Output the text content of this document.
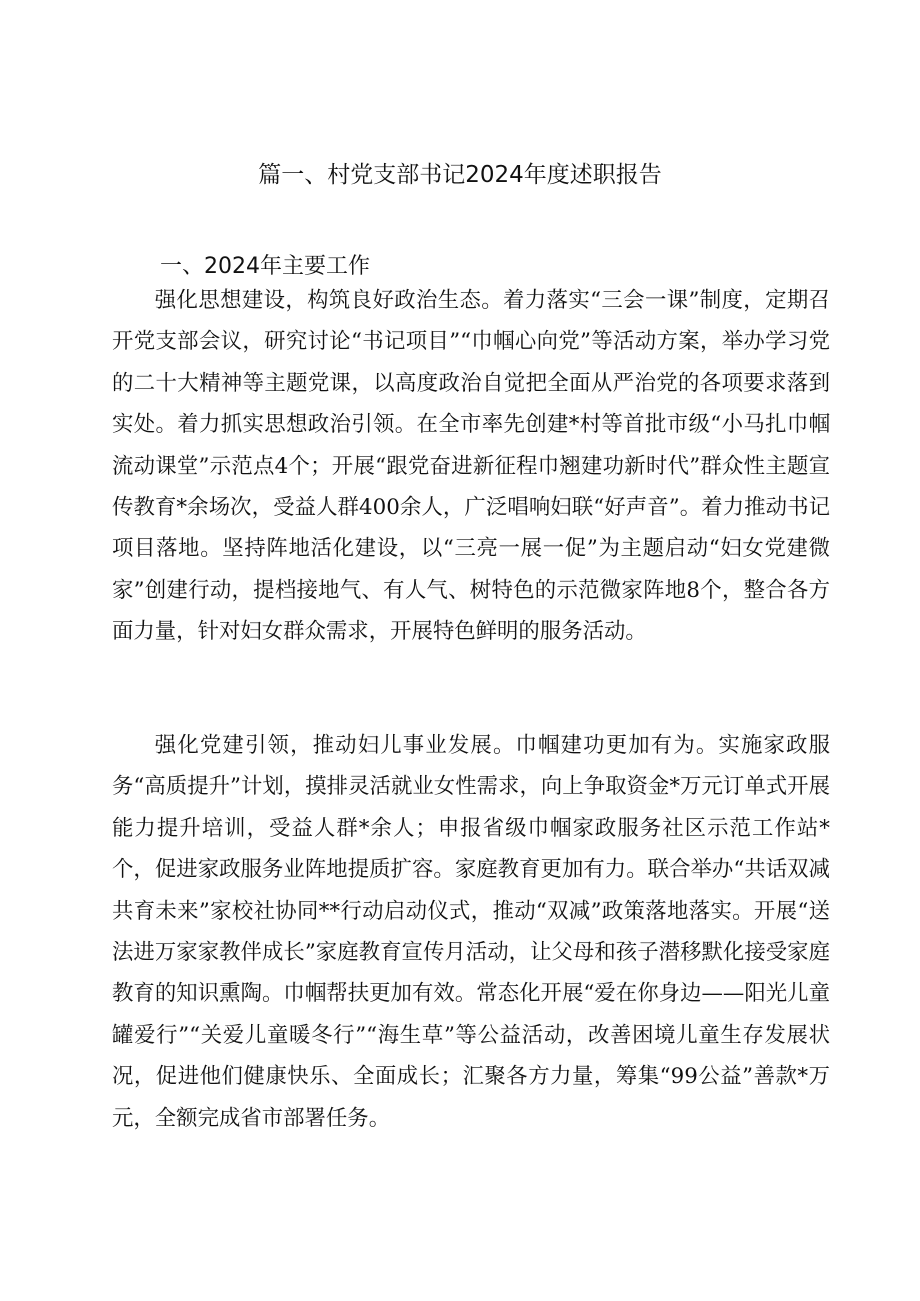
篇一、村党支部书记2024年度述职报告
一、2024年主要工作

强化思想建设，构筑良好政治生态。着力落实“三会一课”制度，定期召开党支部会议，研究讨论“书记项目”“巾帼心向党”等活动方案，举办学习党的二十大精神等主题党课，以高度政治自觉把全面从严治党的各项要求落到实处。着力抓实思想政治引领。在全市率先创建*村等首批市级“小马扎巾帼流动课堂”示范点4个；开展“跟党奋进新征程巾翘建功新时代”群众性主题宣传教育*余场次，受益人群400余人，广泛唱响妇联“好声音”。着力推动书记项目落地。坚持阵地活化建设，以“三亮一展一促”为主题启动“妇女党建微家”创建行动，提档接地气、有人气、树特色的示范微家阵地8个，整合各方面力量，针对妇女群众需求，开展特色鲜明的服务活动。

强化党建引领，推动妇儿事业发展。巾帼建功更加有为。实施家政服务“高质提升”计划，摸排灵活就业女性需求，向上争取资金*万元订单式开展能力提升培训，受益人群*余人；申报省级巾帼家政服务社区示范工作站*个，促进家政服务业阵地提质扩容。家庭教育更加有力。联合举办“共话双减共育未来”家校社协同**行动启动仪式，推动“双减”政策落地落实。开展“送法进万家家教伴成长”家庭教育宣传月活动，让父母和孩子潜移默化接受家庭教育的知识熏陶。巾帼帮扶更加有效。常态化开展“爱在你身边——阳光儿童罐爱行”“关爱儿童暖冬行”“海生草”等公益活动，改善困境儿童生存发展状况，促进他们健康快乐、全面成长；汇聚各方力量，筹集“99公益”善款*万元，全额完成省市部署任务。
